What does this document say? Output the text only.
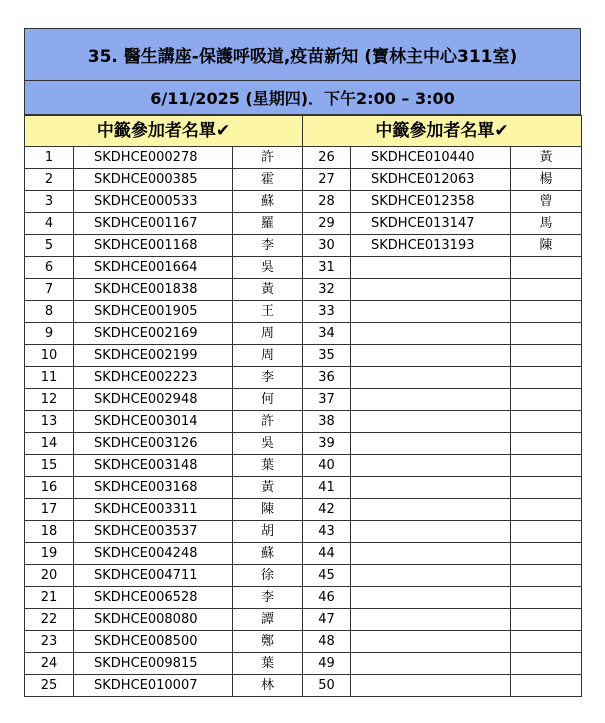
35. 醫生講座-保護呼吸道,疫苗新知 (寶林主中心311室)
6/11/2025 (星期四)．下午2:00 – 3:00
中籤參加者名單✔			中籤參加者名單✔		
1	SKDHCE000278	許	26	SKDHCE010440	黃
2	SKDHCE000385	霍	27	SKDHCE012063	楊
3	SKDHCE000533	蘇	28	SKDHCE012358	曾
4	SKDHCE001167	羅	29	SKDHCE013147	馬
5	SKDHCE001168	李	30	SKDHCE013193	陳
6	SKDHCE001664	吳	31		
7	SKDHCE001838	黃	32		
8	SKDHCE001905	王	33		
9	SKDHCE002169	周	34		
10	SKDHCE002199	周	35		
11	SKDHCE002223	李	36		
12	SKDHCE002948	何	37		
13	SKDHCE003014	許	38		
14	SKDHCE003126	吳	39		
15	SKDHCE003148	葉	40		
16	SKDHCE003168	黃	41		
17	SKDHCE003311	陳	42		
18	SKDHCE003537	胡	43		
19	SKDHCE004248	蘇	44		
20	SKDHCE004711	徐	45		
21	SKDHCE006528	李	46		
22	SKDHCE008080	譚	47		
23	SKDHCE008500	鄭	48		
24	SKDHCE009815	葉	49		
25	SKDHCE010007	林	50		
